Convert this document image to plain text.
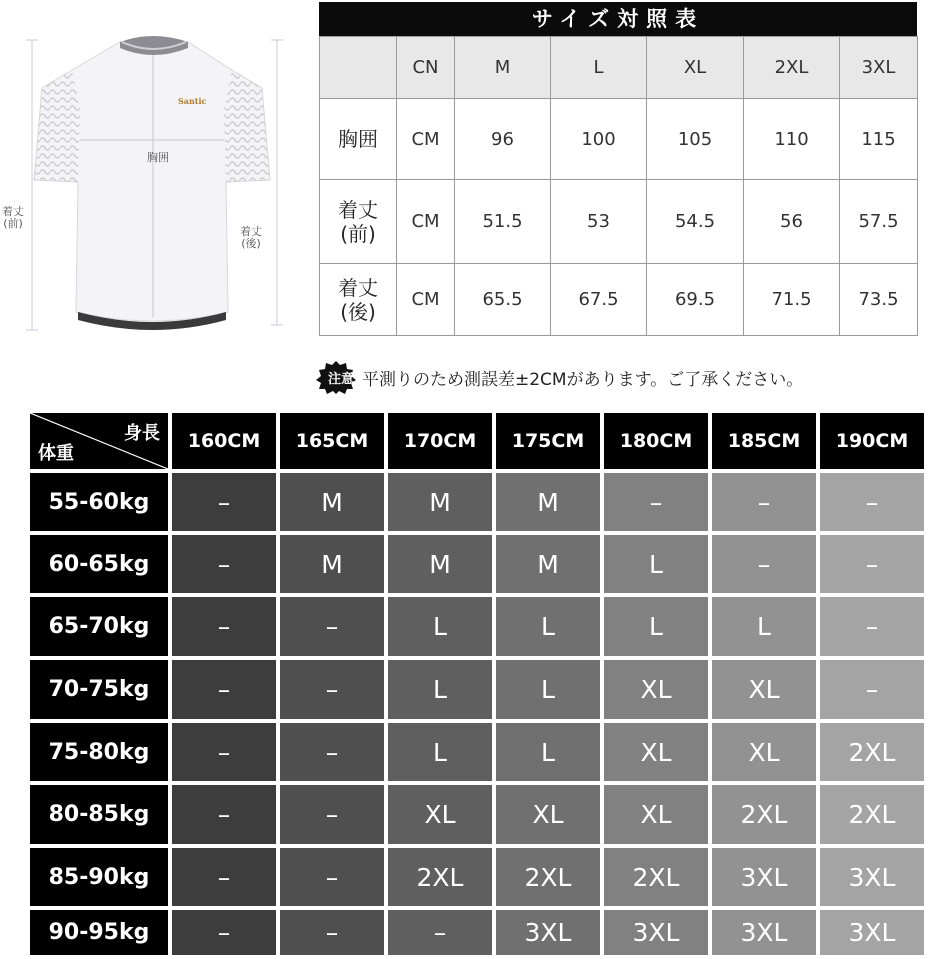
Santic
胸囲
着丈
(前)
着丈
(後)
サイズ対照表
	CN	M	L	XL	2XL	3XL
胸囲	CM	96	100	105	110	115
着丈
(前)	CM	51.5	53	54.5	56	57.5
着丈
(後)	CM	65.5	67.5	69.5	71.5	73.5
注意 平測りのため測誤差±2CMがあります。ご了承ください。
身長
体重	160CM	165CM	170CM	175CM	180CM	185CM	190CM
55-60kg	–	M	M	M	–	–	–
60-65kg	–	M	M	M	L	–	–
65-70kg	–	–	L	L	L	L	–
70-75kg	–	–	L	L	XL	XL	–
75-80kg	–	–	L	L	XL	XL	2XL
80-85kg	–	–	XL	XL	XL	2XL	2XL
85-90kg	–	–	2XL	2XL	2XL	3XL	3XL
90-95kg	–	–	–	3XL	3XL	3XL	3XL
